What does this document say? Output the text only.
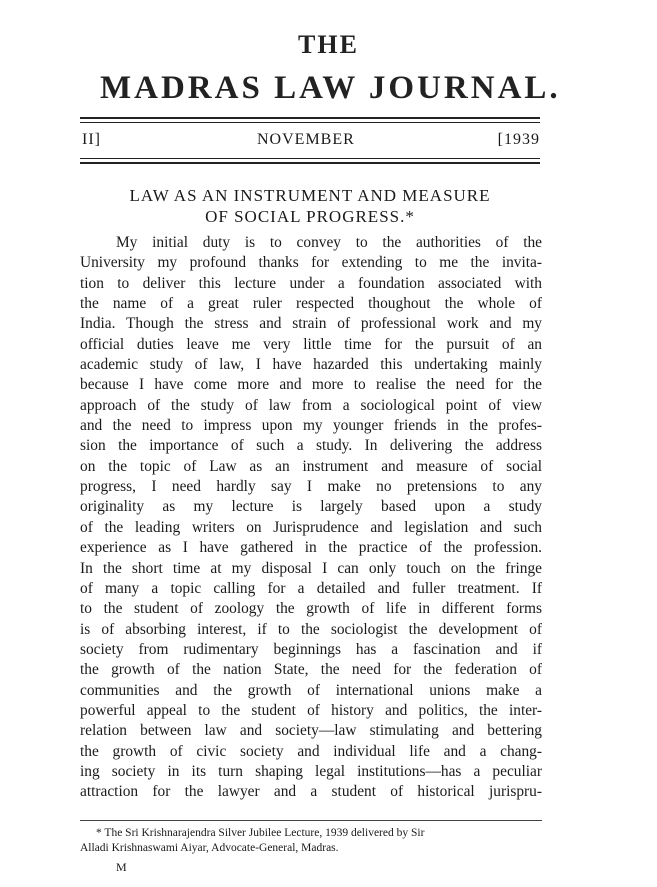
THE
MADRAS LAW JOURNAL.
II]	NOVEMBER	[1939
LAW AS AN INSTRUMENT AND MEASURE
OF SOCIAL PROGRESS.*
My initial duty is to convey to the authorities of the
University my profound thanks for extending to me the invita-
tion to deliver this lecture under a foundation associated with
the name of a great ruler respected thoughout the whole of
India. Though the stress and strain of professional work and my
official duties leave me very little time for the pursuit of an
academic study of law, I have hazarded this undertaking mainly
because I have come more and more to realise the need for the
approach of the study of law from a sociological point of view
and the need to impress upon my younger friends in the profes-
sion the importance of such a study. In delivering the address
on the topic of Law as an instrument and measure of social
progress, I need hardly say I make no pretensions to any
originality as my lecture is largely based upon a study
of the leading writers on Jurisprudence and legislation and such
experience as I have gathered in the practice of the profession.
In the short time at my disposal I can only touch on the fringe
of many a topic calling for a detailed and fuller treatment. If
to the student of zoology the growth of life in different forms
is of absorbing interest, if to the sociologist the development of
society from rudimentary beginnings has a fascination and if
the growth of the nation State, the need for the federation of
communities and the growth of international unions make a
powerful appeal to the student of history and politics, the inter-
relation between law and society—law stimulating and bettering
the growth of civic society and individual life and a chang-
ing society in its turn shaping legal institutions—has a peculiar
attraction for the lawyer and a student of historical jurispru-
* The Sri Krishnarajendra Silver Jubilee Lecture, 1939 delivered by Sir
Alladi Krishnaswami Aiyar, Advocate-General, Madras.
M
